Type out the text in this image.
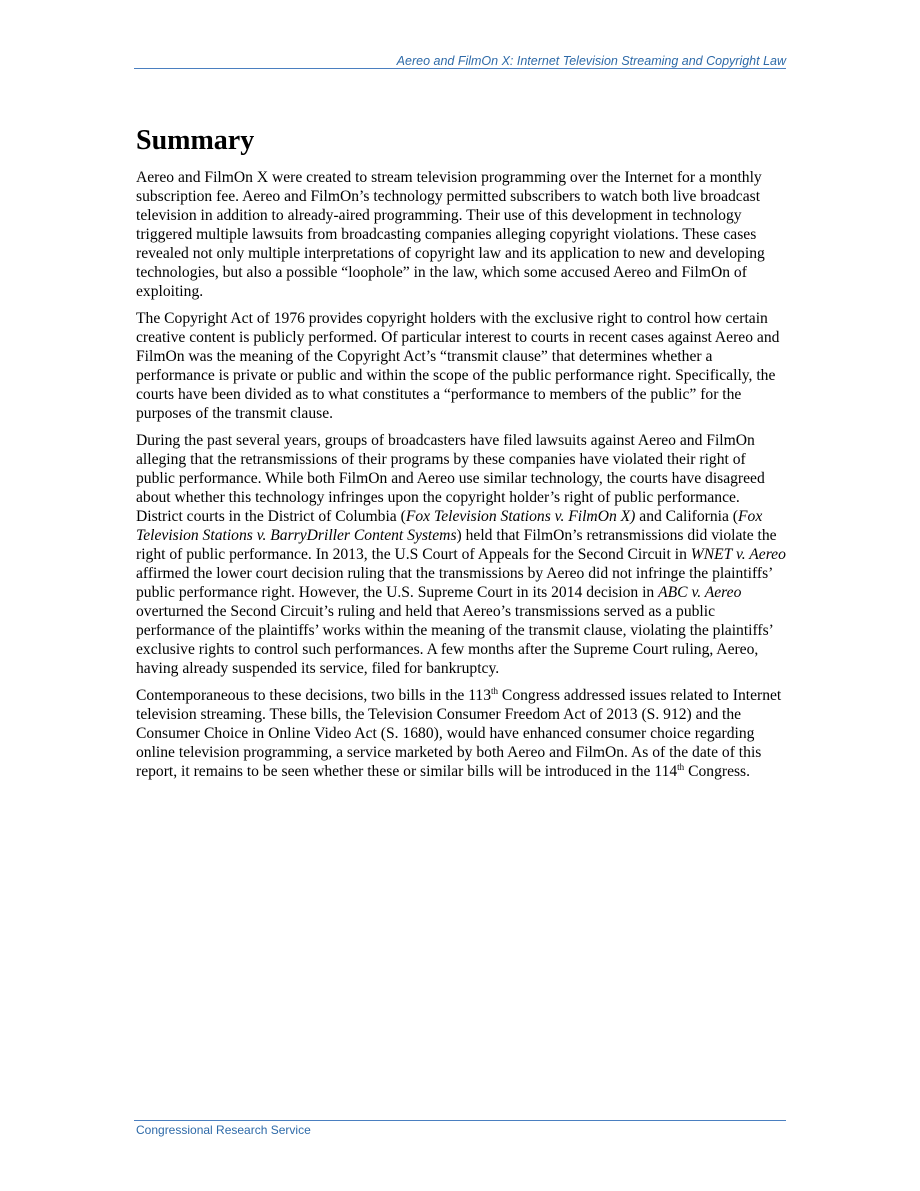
Aereo and FilmOn X: Internet Television Streaming and Copyright Law
Summary

Aereo and FilmOn X were created to stream television programming over the Internet for a monthly subscription fee. Aereo and FilmOn’s technology permitted subscribers to watch both live broadcast television in addition to already-aired programming. Their use of this development in technology triggered multiple lawsuits from broadcasting companies alleging copyright violations. These cases revealed not only multiple interpretations of copyright law and its application to new and developing technologies, but also a possible “loophole” in the law, which some accused Aereo and FilmOn of exploiting.

The Copyright Act of 1976 provides copyright holders with the exclusive right to control how certain creative content is publicly performed. Of particular interest to courts in recent cases against Aereo and FilmOn was the meaning of the Copyright Act’s “transmit clause” that determines whether a performance is private or public and within the scope of the public performance right. Specifically, the courts have been divided as to what constitutes a “performance to members of the public” for the purposes of the transmit clause.

During the past several years, groups of broadcasters have filed lawsuits against Aereo and FilmOn alleging that the retransmissions of their programs by these companies have violated their right of public performance. While both FilmOn and Aereo use similar technology, the courts have disagreed about whether this technology infringes upon the copyright holder’s right of public performance. District courts in the District of Columbia (Fox Television Stations v. FilmOn X) and California (Fox Television Stations v. BarryDriller Content Systems) held that FilmOn’s retransmissions did violate the right of public performance. In 2013, the U.S Court of Appeals for the Second Circuit in WNET v. Aereo affirmed the lower court decision ruling that the transmissions by Aereo did not infringe the plaintiffs’ public performance right. However, the U.S. Supreme Court in its 2014 decision in ABC v. Aereo overturned the Second Circuit’s ruling and held that Aereo’s transmissions served as a public performance of the plaintiffs’ works within the meaning of the transmit clause, violating the plaintiffs’ exclusive rights to control such performances. A few months after the Supreme Court ruling, Aereo, having already suspended its service, filed for bankruptcy.

Contemporaneous to these decisions, two bills in the 113th Congress addressed issues related to Internet television streaming. These bills, the Television Consumer Freedom Act of 2013 (S. 912) and the Consumer Choice in Online Video Act (S. 1680), would have enhanced consumer choice regarding online television programming, a service marketed by both Aereo and FilmOn. As of the date of this report, it remains to be seen whether these or similar bills will be introduced in the 114th Congress.

Congressional Research Service
